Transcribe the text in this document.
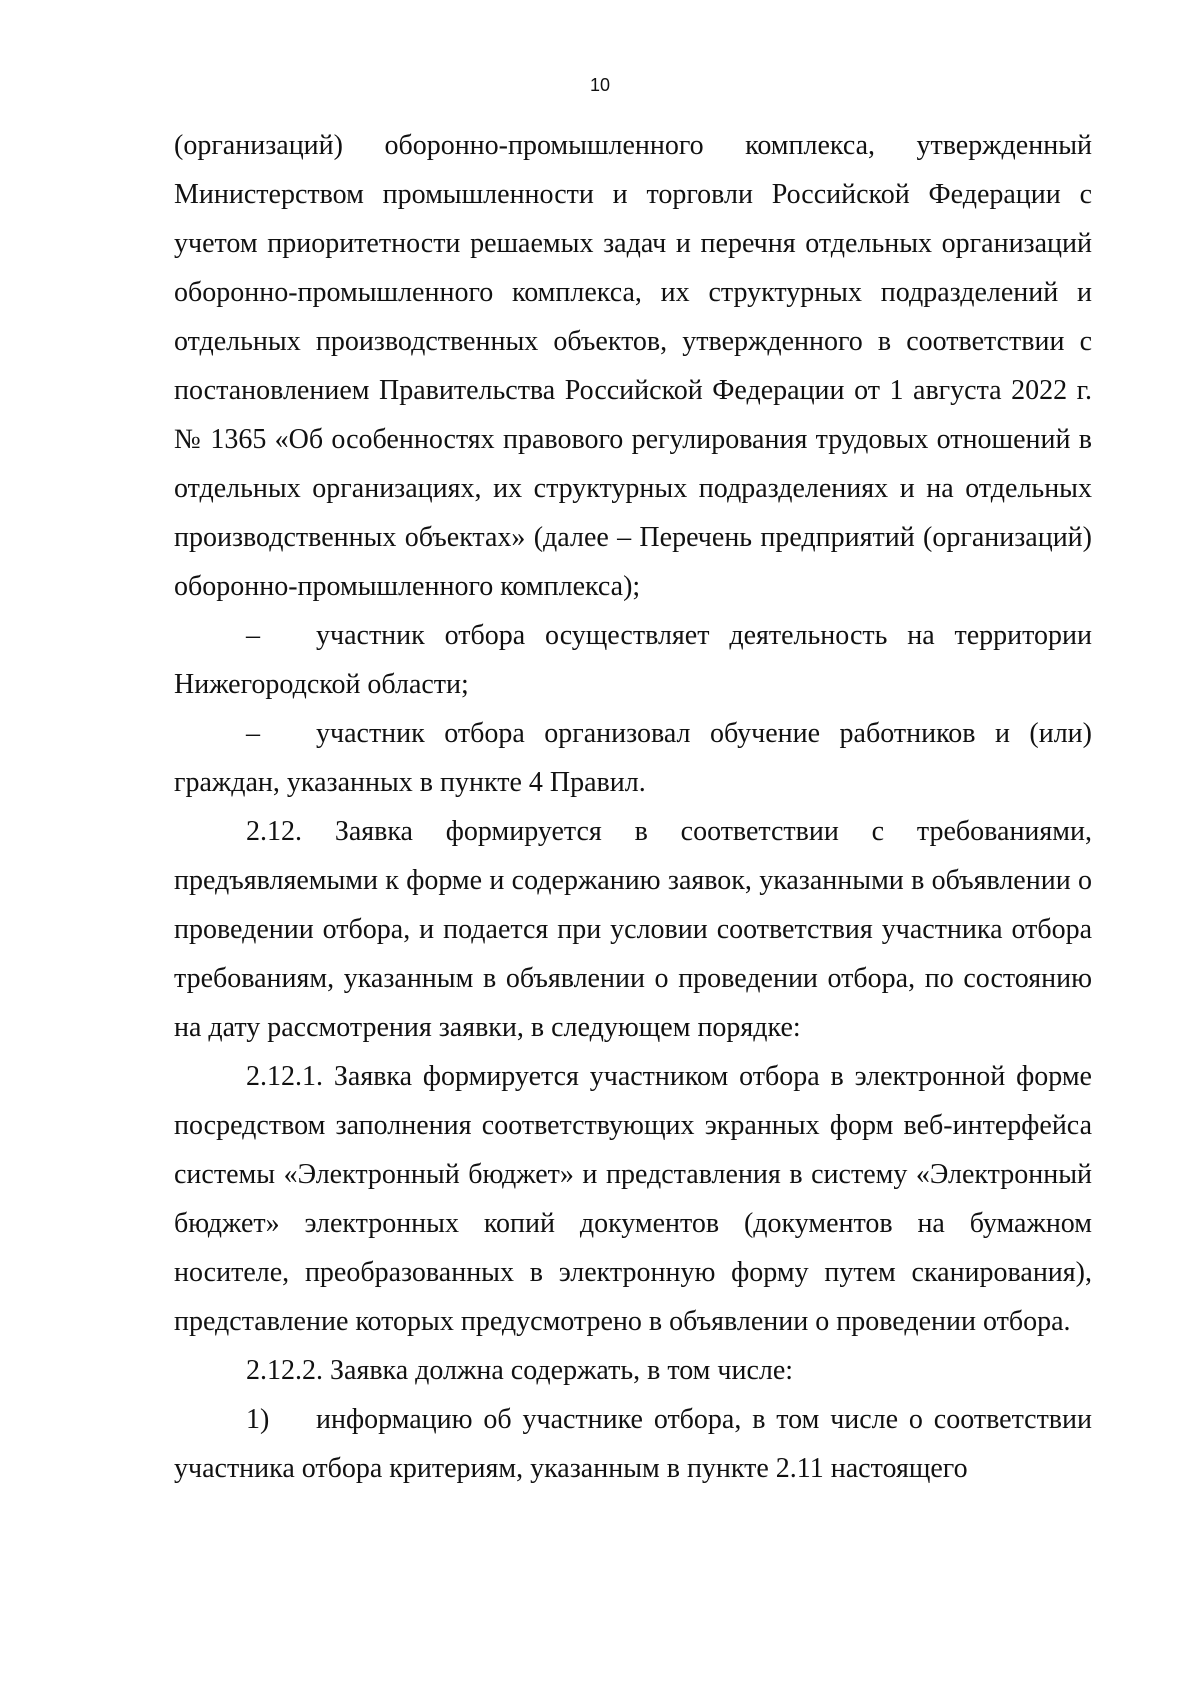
10

(организаций) оборонно-промышленного комплекса, утвержденный Министерством промышленности и торговли Российской Федерации с учетом приоритетности решаемых задач и перечня отдельных организаций оборонно-промышленного комплекса, их структурных подразделений и отдельных производственных объектов, утвержденного в соответствии с постановлением Правительства Российской Федерации от 1 августа 2022 г. № 1365 «Об особенностях правового регулирования трудовых отношений в отдельных организациях, их структурных подразделениях и на отдельных производственных объектах» (далее – Перечень предприятий (организаций) оборонно-промышленного комплекса);

– участник отбора осуществляет деятельность на территории Нижегородской области;

– участник отбора организовал обучение работников и (или) граждан, указанных в пункте 4 Правил.

2.12. Заявка формируется в соответствии с требованиями, предъявляемыми к форме и содержанию заявок, указанными в объявлении о проведении отбора, и подается при условии соответствия участника отбора требованиям, указанным в объявлении о проведении отбора, по состоянию на дату рассмотрения заявки, в следующем порядке:

2.12.1. Заявка формируется участником отбора в электронной форме посредством заполнения соответствующих экранных форм веб-интерфейса системы «Электронный бюджет» и представления в систему «Электронный бюджет» электронных копий документов (документов на бумажном носителе, преобразованных в электронную форму путем сканирования), представление которых предусмотрено в объявлении о проведении отбора.

2.12.2. Заявка должна содержать, в том числе:

1) информацию об участнике отбора, в том числе о соответствии участника отбора критериям, указанным в пункте 2.11 настоящего
